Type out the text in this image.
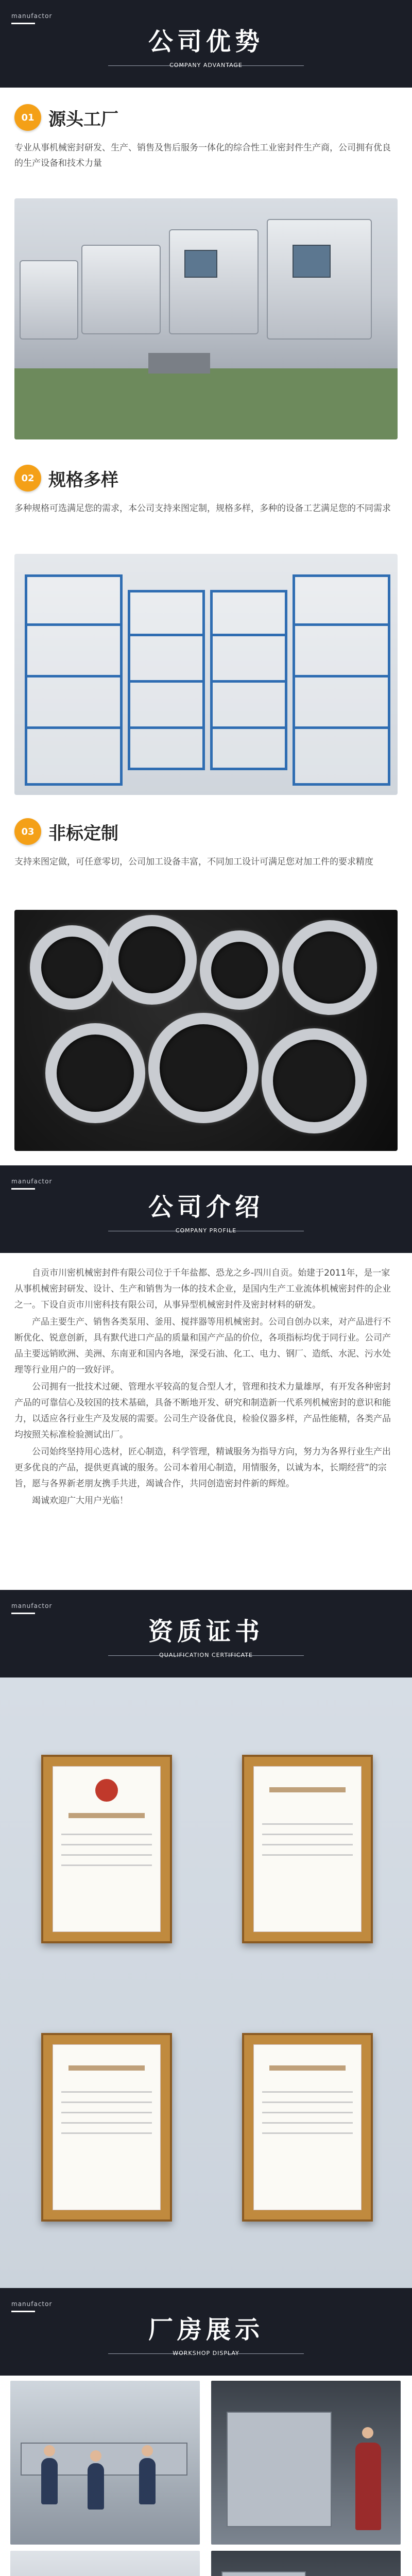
manufactor
公司优势
COMPANY ADVANTAGE
01 源头工厂
专业从事机械密封研发、生产、销售及售后服务一体化的综合性工业密封件生产商，公司拥有优良的生产设备和技术力量
02 规格多样
多种规格可选满足您的需求，本公司支持来图定制，规格多样，多种的设备工艺满足您的不同需求
03 非标定制
支持来图定做，可任意零切，公司加工设备丰富，不同加工设计可满足您对加工件的要求精度
manufactor
公司介绍
COMPANY PROFILE

自贡市川密机械密封件有限公司位于千年盐都、恐龙之乡-四川自贡。始建于2011年，是一家从事机械密封研发、设计、生产和销售为一体的技术企业，是国内生产工业流体机械密封件的企业之一。下设自贡市川密科技有限公司，从事异型机械密封件及密封材料的研发。

产品主要生产、销售各类泵用、釜用、搅拌器等用机械密封。公司自创办以来，对产品进行不断优化、锐意创新，具有默代进口产品的质量和国产产品的价位，各项指标均优于同行业。公司产品主要远销欧洲、美洲、东南亚和国内各地，深受石油、化工、电力、钢厂、造纸、水泥、污水处理等行业用户的一致好评。

公司拥有一批技术过硬、管理水平较高的复合型人才，管理和技术力量雄厚，有开发各种密封产品的可靠信心及较国的技术基础，具备不断地开发、研究和制造新一代系列机械密封的意识和能力，以适应各行业生产及发展的需要。公司生产设备优良，检验仪器多样，产品性能精，各类产品均按照关标准检验测试出厂。

公司始终坚持用心选材，匠心制造，科学管理，精诚服务为指导方向，努力为各界行业生产出更多优良的产品，提供更真诚的服务。公司本着用心制造，用情服务，以诚为本，长期经营”的宗旨，愿与各界新老朋友携手共进，竭诚合作，共同创造密封件新的辉煌。

竭诚欢迎广大用户光临！

manufactor
资质证书
QUALIFICATION CERTIFICATE
manufactor
厂房展示
WORKSHOP DISPLAY
